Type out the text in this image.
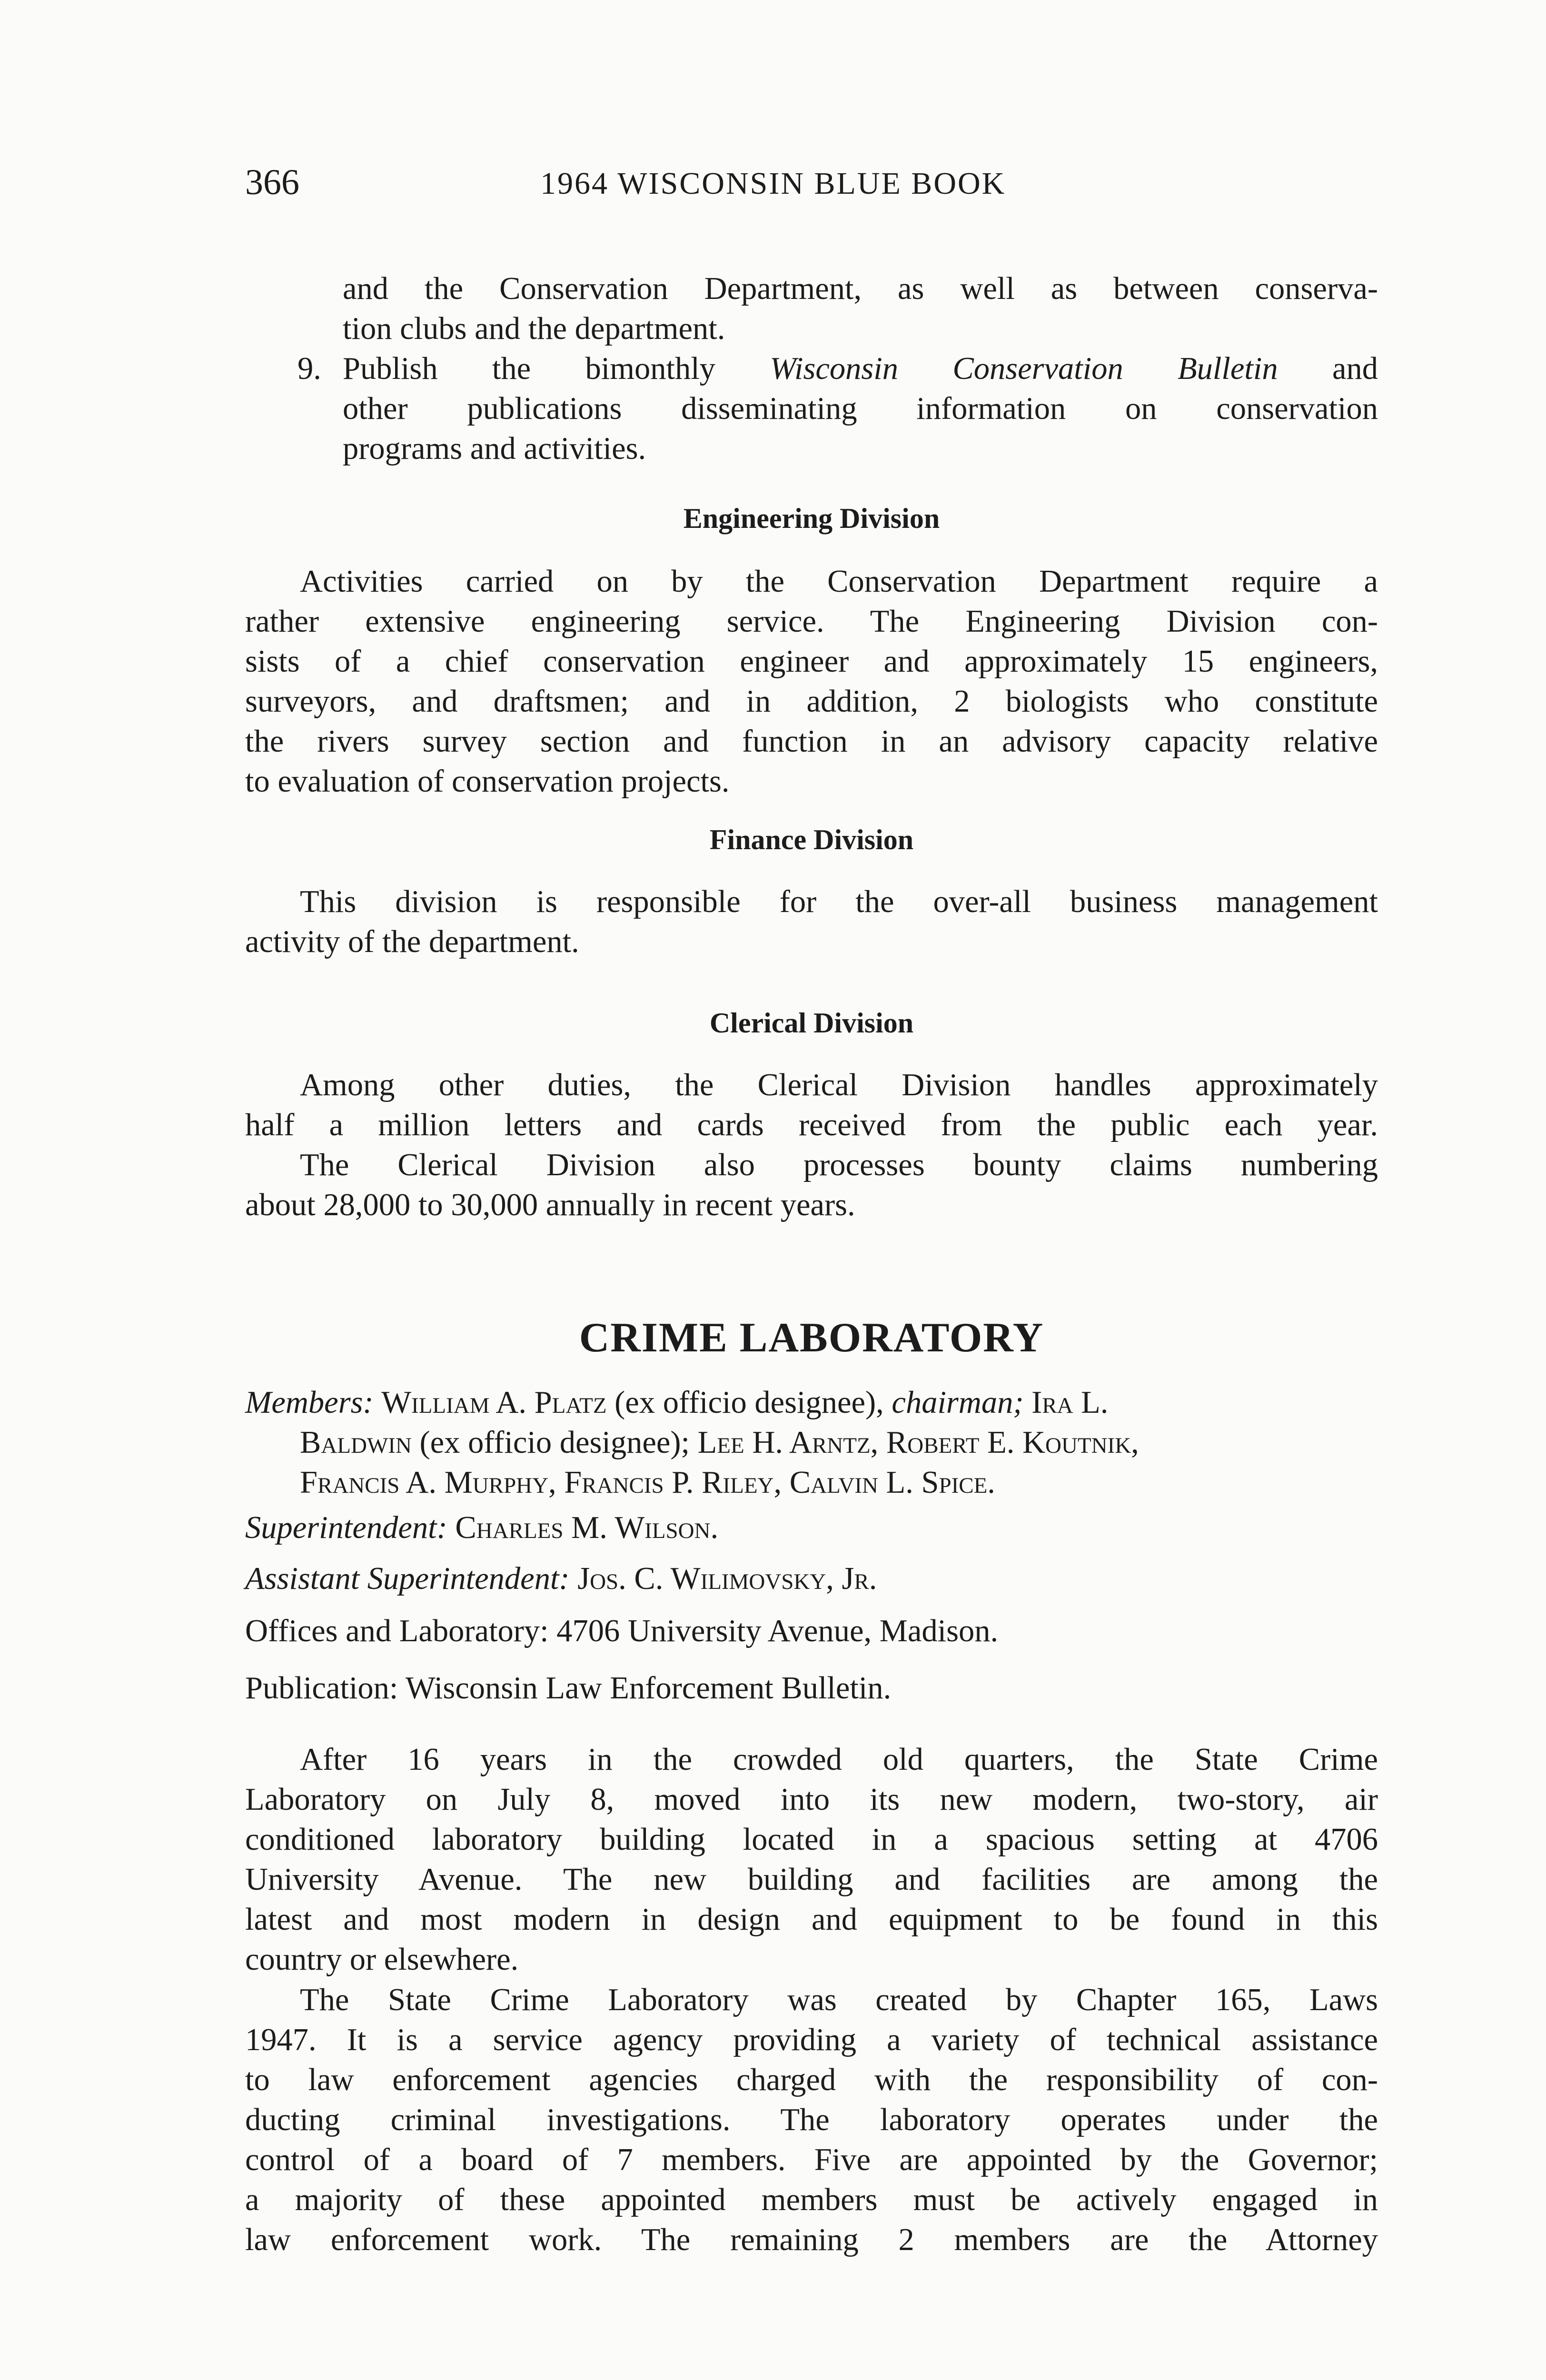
366	1964 WISCONSIN BLUE BOOK
and the Conservation Department, as well as between conserva-
tion clubs and the department.
9. Publish the bimonthly Wisconsin Conservation Bulletin and
other publications disseminating information on conservation
programs and activities.
Engineering Division
Activities carried on by the Conservation Department require a
rather extensive engineering service. The Engineering Division con-
sists of a chief conservation engineer and approximately 15 engineers,
surveyors, and draftsmen; and in addition, 2 biologists who constitute
the rivers survey section and function in an advisory capacity relative
to evaluation of conservation projects.
Finance Division
This division is responsible for the over-all business management
activity of the department.
Clerical Division
Among other duties, the Clerical Division handles approximately
half a million letters and cards received from the public each year.
The Clerical Division also processes bounty claims numbering
about 28,000 to 30,000 annually in recent years.
CRIME LABORATORY
Members: William A. Platz (ex officio designee), chairman; Ira L.
Baldwin (ex officio designee); Lee H. Arntz, Robert E. Koutnik,
Francis A. Murphy, Francis P. Riley, Calvin L. Spice.
Superintendent: Charles M. Wilson.
Assistant Superintendent: Jos. C. Wilimovsky, Jr.
Offices and Laboratory: 4706 University Avenue, Madison.
Publication: Wisconsin Law Enforcement Bulletin.
After 16 years in the crowded old quarters, the State Crime
Laboratory on July 8, moved into its new modern, two-story, air
conditioned laboratory building located in a spacious setting at 4706
University Avenue. The new building and facilities are among the
latest and most modern in design and equipment to be found in this
country or elsewhere.
The State Crime Laboratory was created by Chapter 165, Laws
1947. It is a service agency providing a variety of technical assistance
to law enforcement agencies charged with the responsibility of con-
ducting criminal investigations. The laboratory operates under the
control of a board of 7 members. Five are appointed by the Governor;
a majority of these appointed members must be actively engaged in
law enforcement work. The remaining 2 members are the Attorney
